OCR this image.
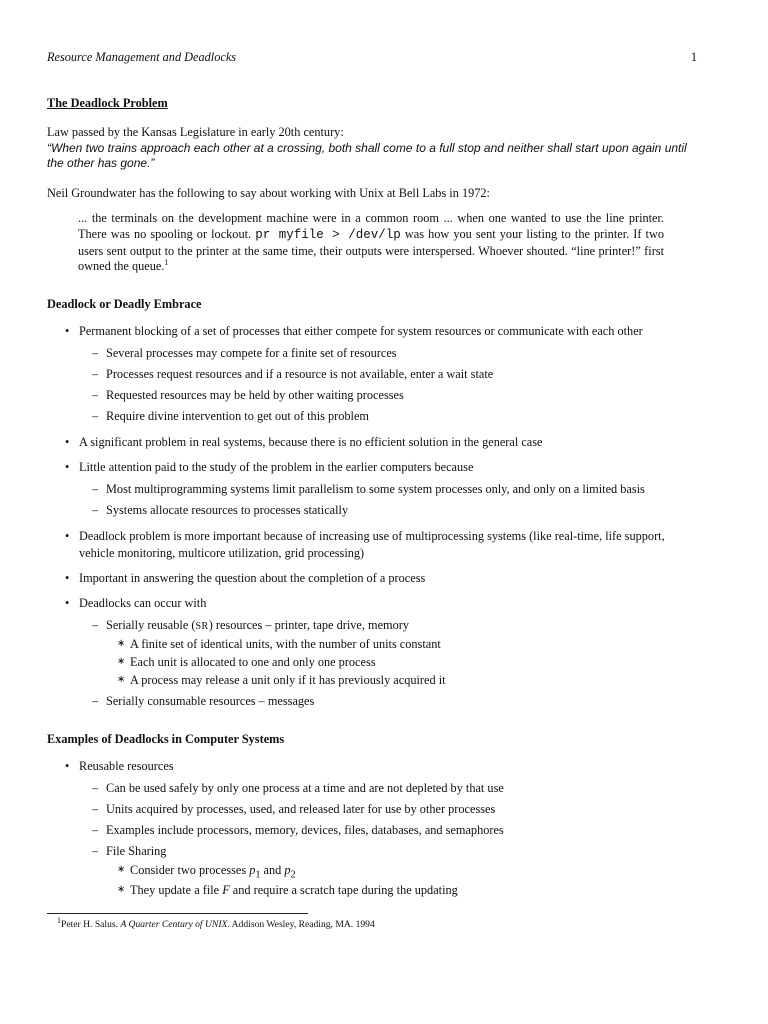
Resource Management and Deadlocks	1
The Deadlock Problem
Law passed by the Kansas Legislature in early 20th century:
“When two trains approach each other at a crossing, both shall come to a full stop and neither shall start upon again until the other has gone.”
Neil Groundwater has the following to say about working with Unix at Bell Labs in 1972:
... the terminals on the development machine were in a common room ... when one wanted to use the line printer. There was no spooling or lockout. pr myfile > /dev/lp was how you sent your listing to the printer. If two users sent output to the printer at the same time, their outputs were interspersed. Whoever shouted. “line printer!” first owned the queue.$^1$
Deadlock or Deadly Embrace
• Permanent blocking of a set of processes that either compete for system resources or communicate with each other
– Several processes may compete for a finite set of resources
– Processes request resources and if a resource is not available, enter a wait state
– Requested resources may be held by other waiting processes
– Require divine intervention to get out of this problem
• A significant problem in real systems, because there is no efficient solution in the general case
• Little attention paid to the study of the problem in the earlier computers because
– Most multiprogramming systems limit parallelism to some system processes only, and only on a limited basis
– Systems allocate resources to processes statically
• Deadlock problem is more important because of increasing use of multiprocessing systems (like real-time, life support, vehicle monitoring, multicore utilization, grid processing)
• Important in answering the question about the completion of a process
• Deadlocks can occur with
– Serially reusable (SR) resources – printer, tape drive, memory
∗ A finite set of identical units, with the number of units constant
∗ Each unit is allocated to one and only one process
∗ A process may release a unit only if it has previously acquired it
– Serially consumable resources – messages
Examples of Deadlocks in Computer Systems
• Reusable resources
– Can be used safely by only one process at a time and are not depleted by that use
– Units acquired by processes, used, and released later for use by other processes
– Examples include processors, memory, devices, files, databases, and semaphores
– File Sharing
∗ Consider two processes $p_1$ and $p_2$
∗ They update a file F and require a scratch tape during the updating
$^1$Peter H. Salus. A Quarter Century of UNIX. Addison Wesley, Reading, MA. 1994
